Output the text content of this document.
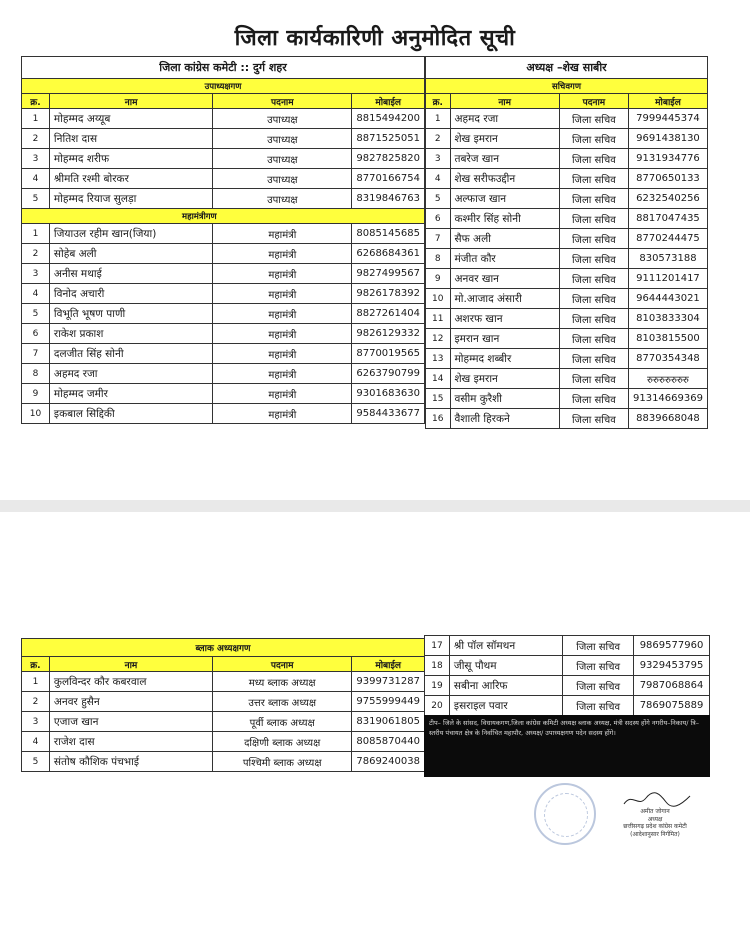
जिला कार्यकारिणी अनुमोदित सूची
जिला कांग्रेस कमेटी :: दुर्ग शहर			
उपाध्यक्षगण			
क्र.	नाम	पदनाम	मोबाईल
1	मोहम्मद अय्यूब	उपाध्यक्ष	8815494200
2	नितिश दास	उपाध्यक्ष	8871525051
3	मोहम्मद शरीफ	उपाध्यक्ष	9827825820
4	श्रीमति रश्मी बोरकर	उपाध्यक्ष	8770166754
5	मोहम्मद रियाज सुलड़ा	उपाध्यक्ष	8319846763
महामंत्रीगण			
1	जियाउल रहीम खान(जिया)	महामंत्री	8085145685
2	सोहेब अली	महामंत्री	6268684361
3	अनीस मथाई	महामंत्री	9827499567
4	विनोद अचारी	महामंत्री	9826178392
5	विभूति भूषण पाणी	महामंत्री	8827261404
6	राकेश प्रकाश	महामंत्री	9826129332
7	दलजीत सिंह सोनी	महामंत्री	8770019565
8	अहमद रजा	महामंत्री	6263790799
9	मोहम्मद जमीर	महामंत्री	9301683630
10	इकबाल सिद्दिकी	महामंत्री	9584433677
अध्यक्ष –शेख साबीर			
सचिवगण			
क्र.	नाम	पदनाम	मोबाईल
1	अहमद रजा	जिला सचिव	7999445374
2	शेख इमरान	जिला सचिव	9691438130
3	तबरेज खान	जिला सचिव	9131934776
4	शेख सरीफउद्दीन	जिला सचिव	8770650133
5	अल्फाज खान	जिला सचिव	6232540256
6	कश्मीर सिंह सोनी	जिला सचिव	8817047435
7	सैफ अली	जिला सचिव	8770244475
8	मंजीत कौर	जिला सचिव	830573188
9	अनवर खान	जिला सचिव	9111201417
10	मो.आजाद अंसारी	जिला सचिव	9644443021
11	अशरफ खान	जिला सचिव	8103833304
12	इमरान खान	जिला सचिव	8103815500
13	मोहम्मद शब्बीर	जिला सचिव	8770354348
14	शेख इमरान	जिला सचिव	रुरुरुरुरुरुरु
15	वसीम कुरैशी	जिला सचिव	91314669369
16	वैशाली हिरकने	जिला सचिव	8839668048
ब्लाक अध्यक्षगण			
क्र.	नाम	पदनाम	मोबाईल
1	कुलविन्दर कौर कबरवाल	मध्य ब्लाक अध्यक्ष	9399731287
2	अनवर हुसैन	उत्तर ब्लाक अध्यक्ष	9755999449
3	एजाज खान	पूर्वी ब्लाक अध्यक्ष	8319061805
4	राजेश दास	दक्षिणी ब्लाक अध्यक्ष	8085870440
5	संतोष कौशिक पंचभाई	पश्चिमी ब्लाक अध्यक्ष	7869240038
17	श्री पॉल सॉमथन	जिला सचिव	9869577960
18	जीसू पौथम	जिला सचिव	9329453795
19	सबीना आरिफ	जिला सचिव	7987068864
20	इसराइल पवार	जिला सचिव	7869075889
टीप– जिले के सांसद, विधायकगण,जिला कांग्रेस कमिटी अध्यक्ष ब्लाक अध्यक्ष, मंत्री सदस्य होंगे नगरीय–निकाय/ त्रि–स्तरीय पंचायत क्षेत्र के निर्वाचित महापौर, अध्यक्ष/ उपाध्यक्षगण पदेन सदस्य होंगे।
अमीत जोगान
अध्यक्ष
छत्तीसगढ़ प्रदेश कांग्रेस कमेटी
(आदेशानुसार निर्गमित)
